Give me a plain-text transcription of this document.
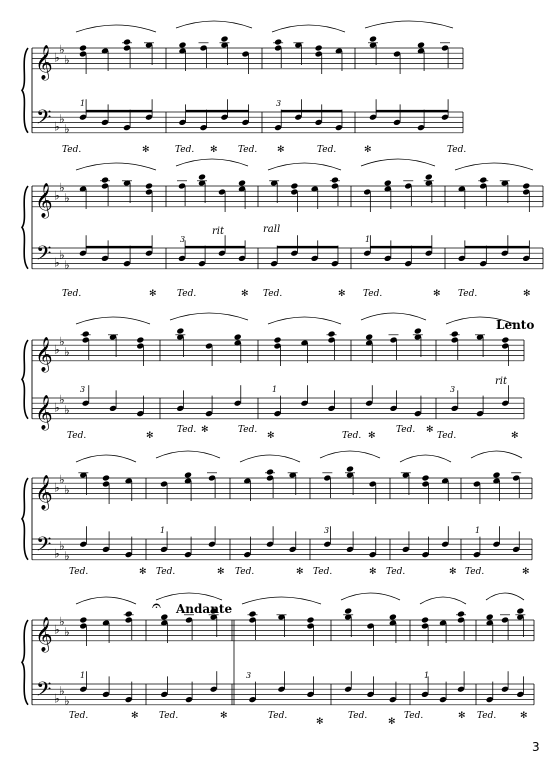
𝄞
𝄢
♭
♭
♭
♭
♭
♭
1	3
Ted.	✻	Ted. ✻ Ted. ✻	Ted.	✻	Ted.
𝄞
𝄢
♭
♭
♭
♭
♭
♭
3	1
Ted.	✻ Ted.	✻ Ted.	✻ Ted.	✻ Ted.	✻
𝄞
𝄞
♭
♭
♭
♭
♭
♭
3	1	3
Ted.	✻
Ted. ✻	Ted.
✻	Ted. ✻
Ted. ✻
Ted.	✻
𝄞
𝄢
♭
♭
♭
♭
♭
♭
1	3	1
Ted.	✻ Ted.	✻ Ted.	✻ Ted.	✻ Ted.	✻ Ted.	✻
𝄞
𝄢
♭
♭
♭
♭
♭
♭
1	3	1
Ted.	✻ Ted.	✻	Ted.
✻
Ted.
✻
Ted.	✻ Ted.	✻
Lento
Andante
rit	rall
rit
𝄐
3
